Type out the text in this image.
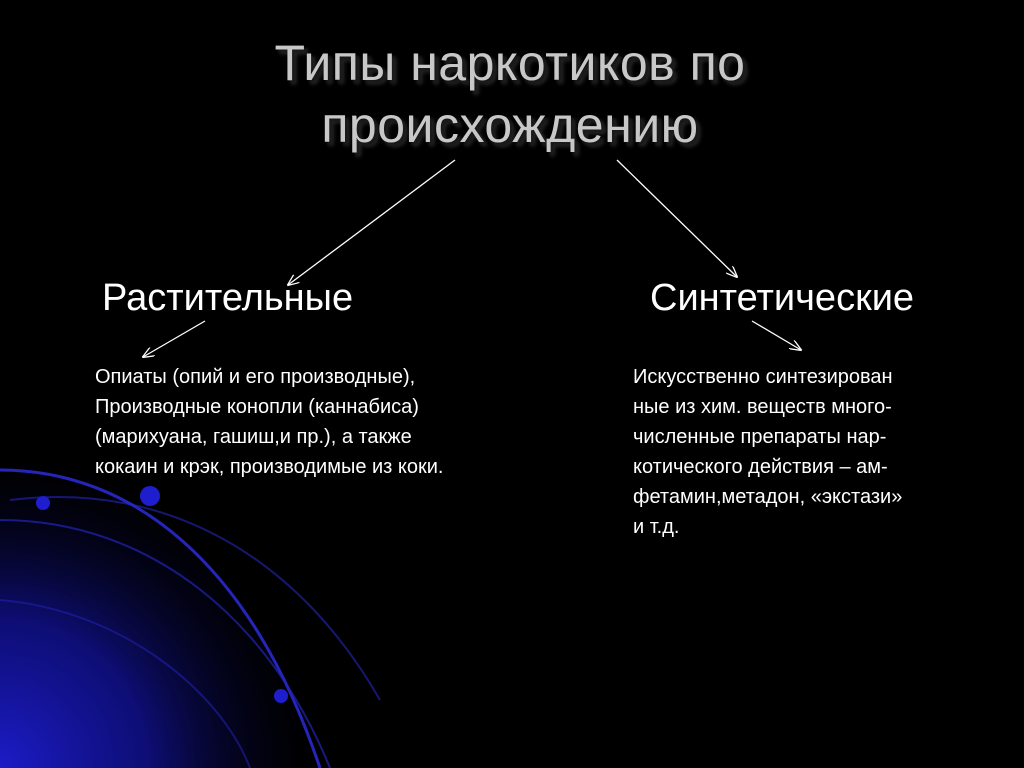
Типы наркотиков по
происхождению
Растительные	Синтетические
Опиаты (опий и его производные),
Производные конопли (каннабиса)
(марихуана, гашиш,и пр.), а также
кокаин и крэк, производимые из коки.
Искусственно синтезирован
ные из хим. веществ много-
численные препараты нар-
котического действия – ам-
фетамин,метадон, «экстази»
и т.д.
